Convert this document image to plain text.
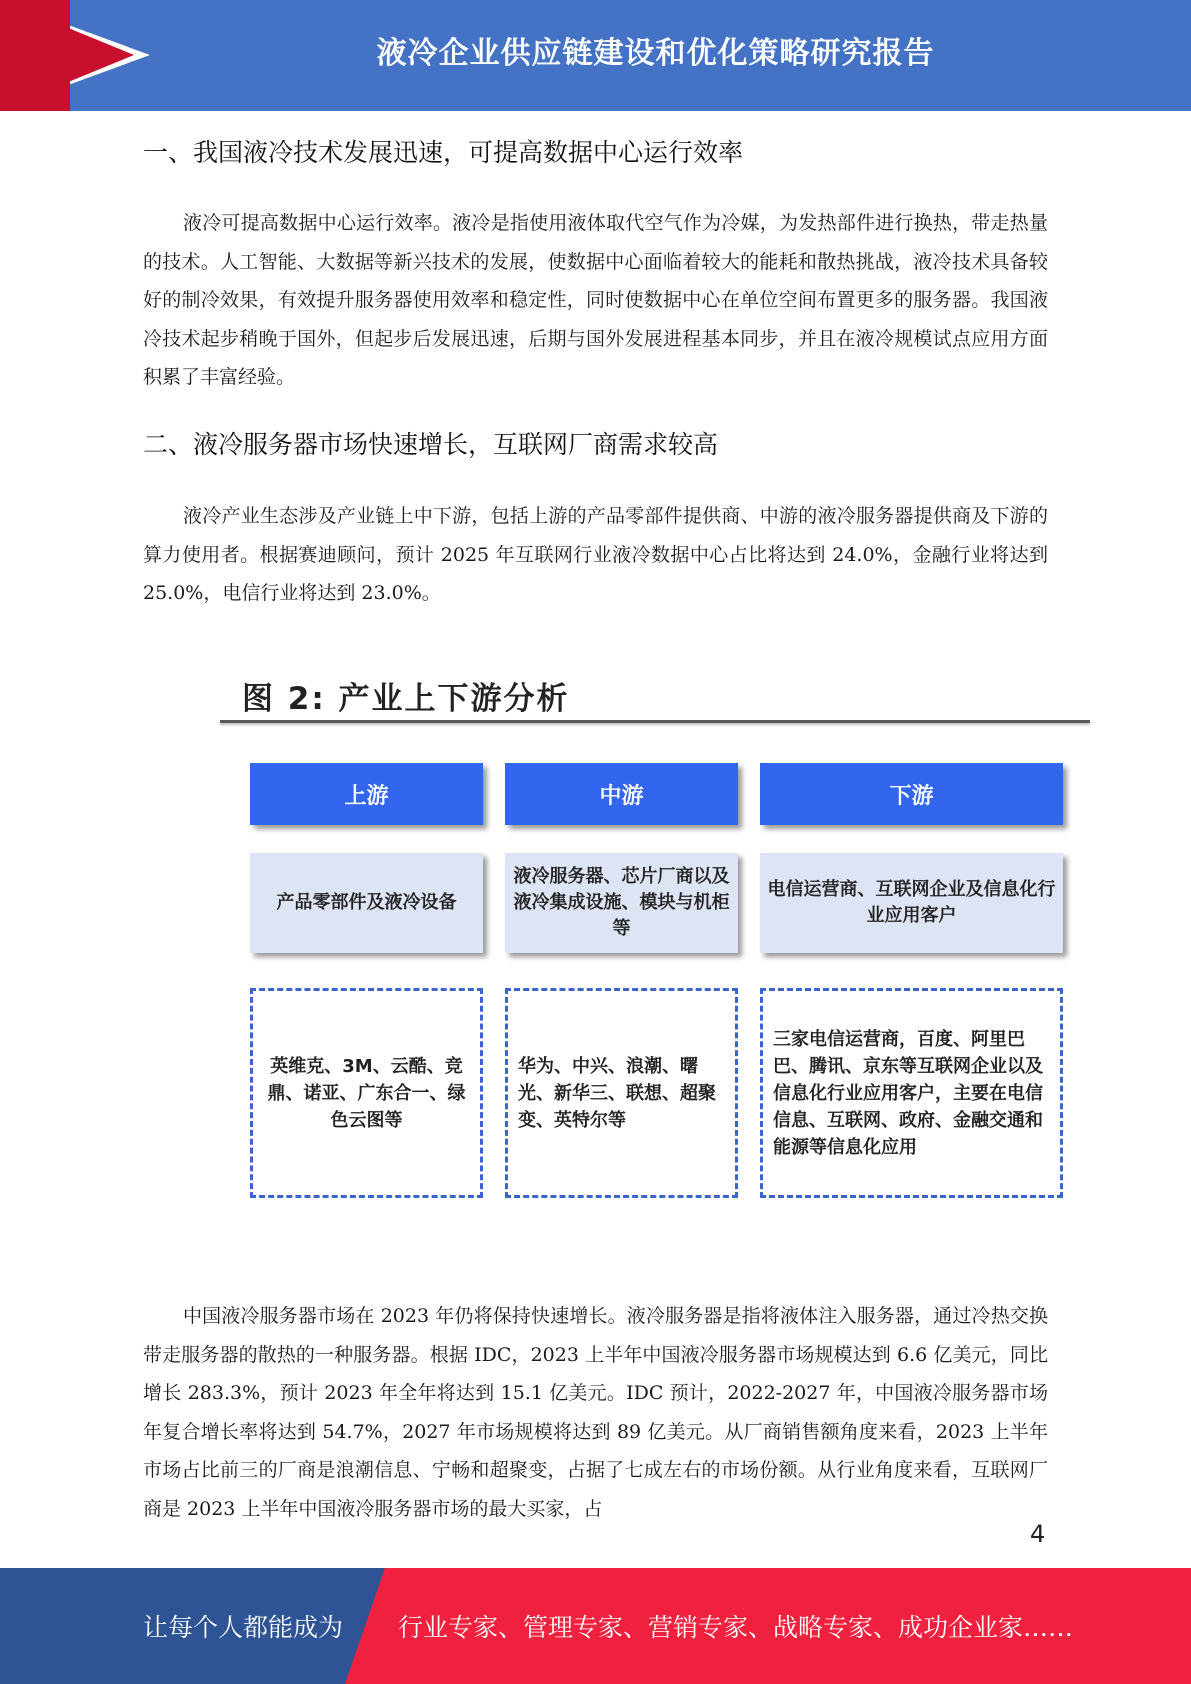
液冷企业供应链建设和优化策略研究报告
一、我国液冷技术发展迅速，可提高数据中心运行效率

液冷可提高数据中心运行效率。液冷是指使用液体取代空气作为冷媒，为发热部件进行换热，带走热量的技术。人工智能、大数据等新兴技术的发展，使数据中心面临着较大的能耗和散热挑战，液冷技术具备较好的制冷效果，有效提升服务器使用效率和稳定性，同时使数据中心在单位空间布置更多的服务器。我国液冷技术起步稍晚于国外，但起步后发展迅速，后期与国外发展进程基本同步，并且在液冷规模试点应用方面积累了丰富经验。

二、液冷服务器市场快速增长，互联网厂商需求较高

液冷产业生态涉及产业链上中下游，包括上游的产品零部件提供商、中游的液冷服务器提供商及下游的算力使用者。根据赛迪顾问，预计 2025 年互联网行业液冷数据中心占比将达到 24.0%，金融行业将达到 25.0%，电信行业将达到 23.0%。

图 2: 产业上下游分析
上游
产品零部件及液冷设备
英维克、3M、云酷、竞鼎、诺亚、广东合一、绿色云图等
中游
液冷服务器、芯片厂商以及液冷集成设施、模块与机柜等
华为、中兴、浪潮、曙光、新华三、联想、超聚变、英特尔等
下游
电信运营商、互联网企业及信息化行业应用客户
三家电信运营商，百度、阿里巴巴、腾讯、京东等互联网企业以及信息化行业应用客户，主要在电信信息、互联网、政府、金融交通和能源等信息化应用

中国液冷服务器市场在 2023 年仍将保持快速增长。液冷服务器是指将液体注入服务器，通过冷热交换带走服务器的散热的一种服务器。根据 IDC，2023 上半年中国液冷服务器市场规模达到 6.6 亿美元，同比增长 283.3%，预计 2023 年全年将达到 15.1 亿美元。IDC 预计，2022-2027 年，中国液冷服务器市场年复合增长率将达到 54.7%，2027 年市场规模将达到 89 亿美元。从厂商销售额角度来看，2023 上半年市场占比前三的厂商是浪潮信息、宁畅和超聚变，占据了七成左右的市场份额。从行业角度来看，互联网厂商是 2023 上半年中国液冷服务器市场的最大买家，占

4
让每个人都能成为 行业专家、管理专家、营销专家、战略专家、成功企业家……
